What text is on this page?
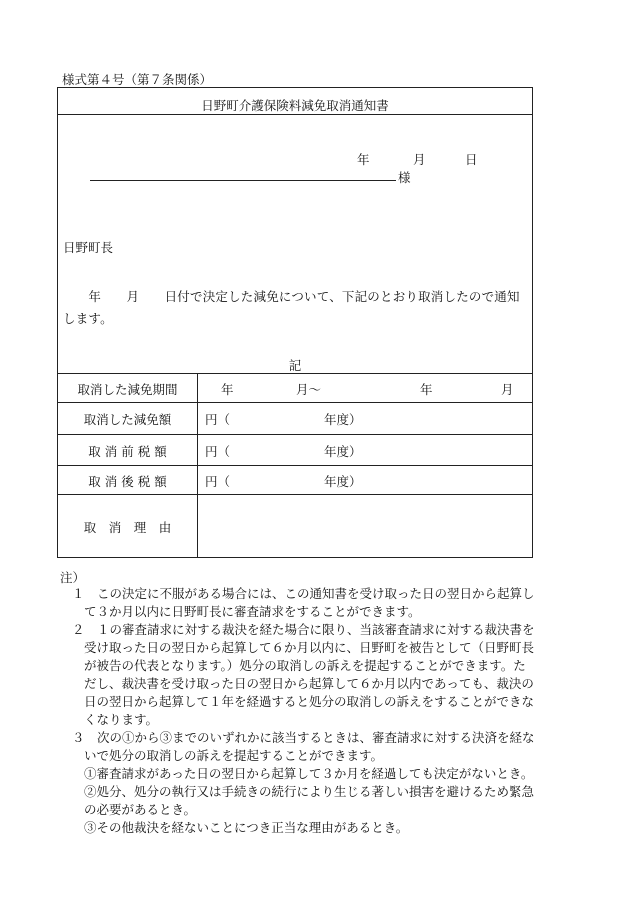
様式第４号（第７条関係）
日野町介護保険料減免取消通知書
年	月	日
様
日野町長
　　年　　月　　日付で決定した減免について、下記のとおり取消したので通知します。
記
取消した減免期間	年	月～	年	月
取消した減免額	円（	年度）
取 消 前 税 額	円（	年度）
取 消 後 税 額	円（	年度）
取　消　理　由
注）
１　この決定に不服がある場合には、この通知書を受け取った日の翌日から起算し
て３か月以内に日野町長に審査請求をすることができます。
２　１の審査請求に対する裁決を経た場合に限り、当該審査請求に対する裁決書を
受け取った日の翌日から起算して６か月以内に、日野町を被告として（日野町長
が被告の代表となります。）処分の取消しの訴えを提起することができます。た
だし、裁決書を受け取った日の翌日から起算して６か月以内であっても、裁決の
日の翌日から起算して１年を経過すると処分の取消しの訴えをすることができな
くなります。
３　次の①から③までのいずれかに該当するときは、審査請求に対する決済を経な
いで処分の取消しの訴えを提起することができます。
①審査請求があった日の翌日から起算して３か月を経過しても決定がないとき。
②処分、処分の執行又は手続きの続行により生じる著しい損害を避けるため緊急
の必要があるとき。
③その他裁決を経ないことにつき正当な理由があるとき。
